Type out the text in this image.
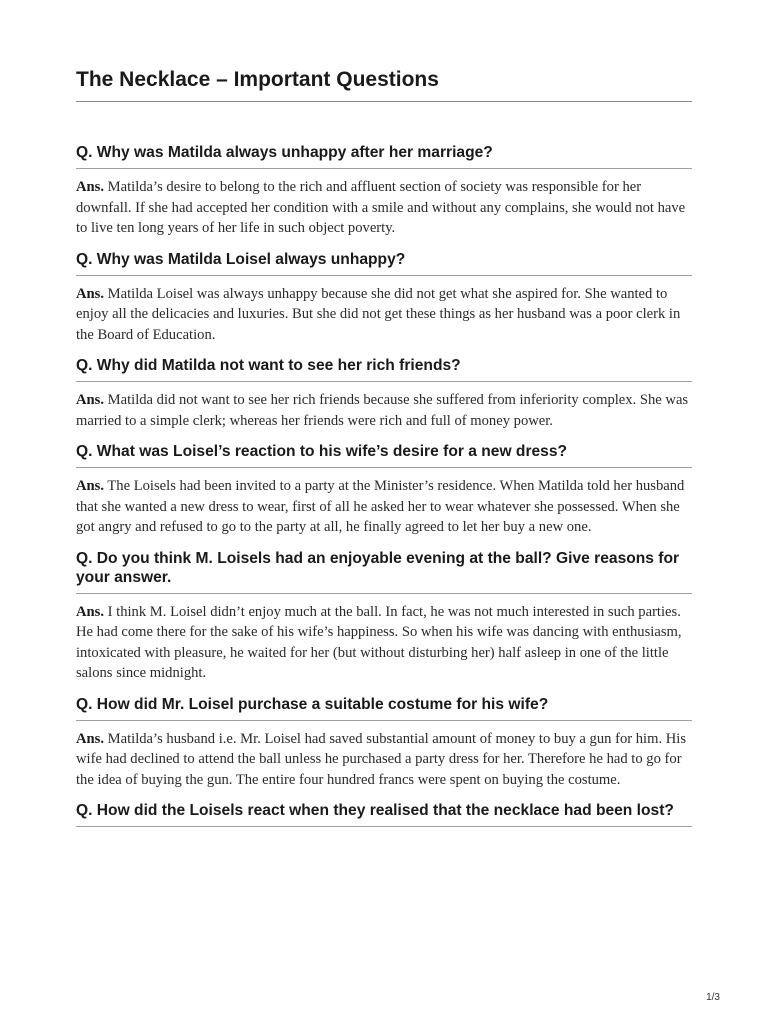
The Necklace – Important Questions
Q. Why was Matilda always unhappy after her marriage?

Ans. Matilda’s desire to belong to the rich and affluent section of society was responsible for her downfall. If she had accepted her condition with a smile and without any complains, she would not have to live ten long years of her life in such object poverty.

Q. Why was Matilda Loisel always unhappy?

Ans. Matilda Loisel was always unhappy because she did not get what she aspired for. She wanted to enjoy all the delicacies and luxuries. But she did not get these things as her husband was a poor clerk in the Board of Education.

Q. Why did Matilda not want to see her rich friends?

Ans. Matilda did not want to see her rich friends because she suffered from inferiority complex. She was married to a simple clerk; whereas her friends were rich and full of money power.

Q. What was Loisel’s reaction to his wife’s desire for a new dress?

Ans. The Loisels had been invited to a party at the Minister’s residence. When Matilda told her husband that she wanted a new dress to wear, first of all he asked her to wear whatever she possessed. When she got angry and refused to go to the party at all, he finally agreed to let her buy a new one.

Q. Do you think M. Loisels had an enjoyable evening at the ball? Give reasons for your answer.

Ans. I think M. Loisel didn’t enjoy much at the ball. In fact, he was not much interested in such parties. He had come there for the sake of his wife’s happiness. So when his wife was dancing with enthusiasm, intoxicated with pleasure, he waited for her (but without disturbing her) half asleep in one of the little salons since midnight.

Q. How did Mr. Loisel purchase a suitable costume for his wife?

Ans. Matilda’s husband i.e. Mr. Loisel had saved substantial amount of money to buy a gun for him. His wife had declined to attend the ball unless he purchased a party dress for her. Therefore he had to go for the idea of buying the gun. The entire four hundred francs were spent on buying the costume.

Q. How did the Loisels react when they realised that the necklace had been lost?
1/3
